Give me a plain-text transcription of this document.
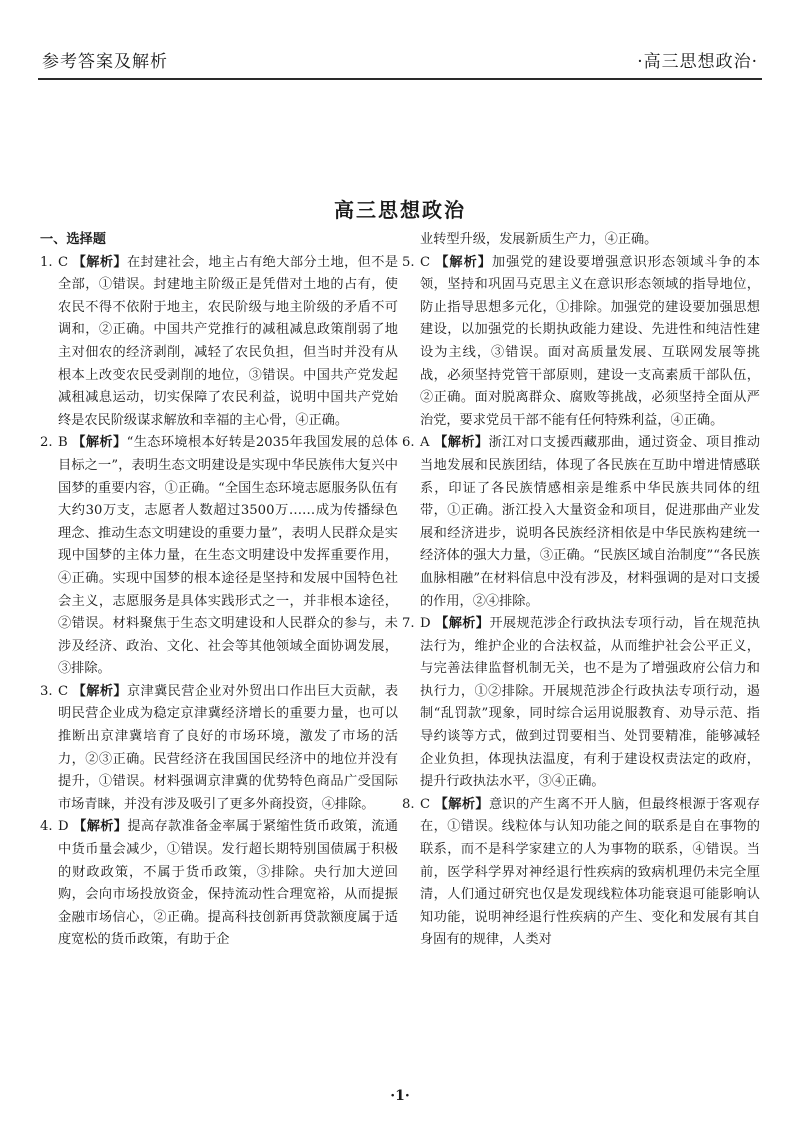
参考答案及解析	·高三思想政治·
高三思想政治
一、选择题
1. C 【解析】在封建社会，地主占有绝大部分土地，但不是全部，①错误。封建地主阶级正是凭借对土地的占有，使农民不得不依附于地主，农民阶级与地主阶级的矛盾不可调和，②正确。中国共产党推行的减租减息政策削弱了地主对佃农的经济剥削，减轻了农民负担，但当时并没有从根本上改变农民受剥削的地位，③错误。中国共产党发起减租减息运动，切实保障了农民利益，说明中国共产党始终是农民阶级谋求解放和幸福的主心骨，④正确。
2. B 【解析】“生态环境根本好转是2035年我国发展的总体目标之一”，表明生态文明建设是实现中华民族伟大复兴中国梦的重要内容，①正确。“全国生态环境志愿服务队伍有大约30万支，志愿者人数超过3500万……成为传播绿色理念、推动生态文明建设的重要力量”，表明人民群众是实现中国梦的主体力量，在生态文明建设中发挥重要作用，④正确。实现中国梦的根本途径是坚持和发展中国特色社会主义，志愿服务是具体实践形式之一，并非根本途径，②错误。材料聚焦于生态文明建设和人民群众的参与，未涉及经济、政治、文化、社会等其他领域全面协调发展，③排除。
3. C 【解析】京津冀民营企业对外贸出口作出巨大贡献，表明民营企业成为稳定京津冀经济增长的重要力量，也可以推断出京津冀培育了良好的市场环境，激发了市场的活力，②③正确。民营经济在我国国民经济中的地位并没有提升，①错误。材料强调京津冀的优势特色商品广受国际市场青睐，并没有涉及吸引了更多外商投资，④排除。
4. D 【解析】提高存款准备金率属于紧缩性货币政策，流通中货币量会减少，①错误。发行超长期特别国债属于积极的财政政策，不属于货币政策，③排除。央行加大逆回购，会向市场投放资金，保持流动性合理宽裕，从而提振金融市场信心，②正确。提高科技创新再贷款额度属于适度宽松的货币政策，有助于企
业转型升级，发展新质生产力，④正确。
5. C 【解析】加强党的建设要增强意识形态领域斗争的本领，坚持和巩固马克思主义在意识形态领域的指导地位，防止指导思想多元化，①排除。加强党的建设要加强思想建设，以加强党的长期执政能力建设、先进性和纯洁性建设为主线，③错误。面对高质量发展、互联网发展等挑战，必须坚持党管干部原则，建设一支高素质干部队伍，②正确。面对脱离群众、腐败等挑战，必须坚持全面从严治党，要求党员干部不能有任何特殊利益，④正确。
6. A 【解析】浙江对口支援西藏那曲，通过资金、项目推动当地发展和民族团结，体现了各民族在互助中增进情感联系，印证了各民族情感相亲是维系中华民族共同体的纽带，①正确。浙江投入大量资金和项目，促进那曲产业发展和经济进步，说明各民族经济相依是中华民族构建统一经济体的强大力量，③正确。“民族区域自治制度”“各民族血脉相融”在材料信息中没有涉及，材料强调的是对口支援的作用，②④排除。
7. D 【解析】开展规范涉企行政执法专项行动，旨在规范执法行为，维护企业的合法权益，从而维护社会公平正义，与完善法律监督机制无关，也不是为了增强政府公信力和执行力，①②排除。开展规范涉企行政执法专项行动，遏制“乱罚款”现象，同时综合运用说服教育、劝导示范、指导约谈等方式，做到过罚要相当、处罚要精准，能够减轻企业负担，体现执法温度，有利于建设权责法定的政府，提升行政执法水平，③④正确。
8. C 【解析】意识的产生离不开人脑，但最终根源于客观存在，①错误。线粒体与认知功能之间的联系是自在事物的联系，而不是科学家建立的人为事物的联系，④错误。当前，医学科学界对神经退行性疾病的致病机理仍未完全厘清，人们通过研究也仅是发现线粒体功能衰退可能影响认知功能，说明神经退行性疾病的产生、变化和发展有其自身固有的规律，人类对
·1·
